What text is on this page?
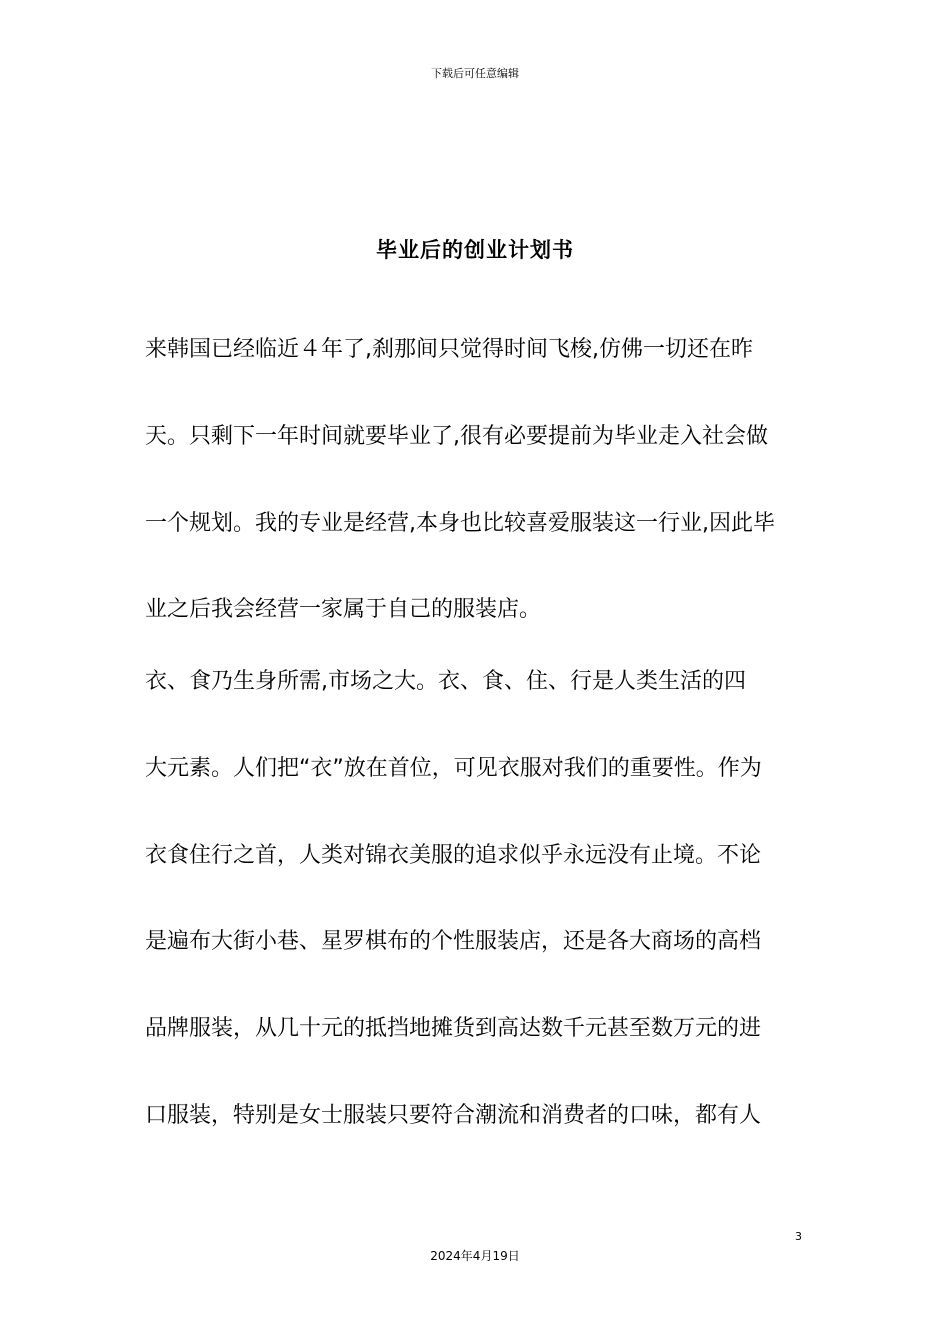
下载后可任意编辑
毕业后的创业计划书
来韩国已经临近４年了,刹那间只觉得时间飞梭,仿佛一切还在昨
天。只剩下一年时间就要毕业了,很有必要提前为毕业走入社会做
一个规划。我的专业是经营,本身也比较喜爱服装这一行业,因此毕
业之后我会经营一家属于自己的服装店。
衣、食乃生身所需,市场之大。衣、食、住、行是人类生活的四
大元素。人们把“衣”放在首位，可见衣服对我们的重要性。作为
衣食住行之首，人类对锦衣美服的追求似乎永远没有止境。不论
是遍布大街小巷、星罗棋布的个性服装店，还是各大商场的高档
品牌服装，从几十元的抵挡地摊货到高达数千元甚至数万元的进
口服装，特别是女士服装只要符合潮流和消费者的口味，都有人
3
2024年4月19日
